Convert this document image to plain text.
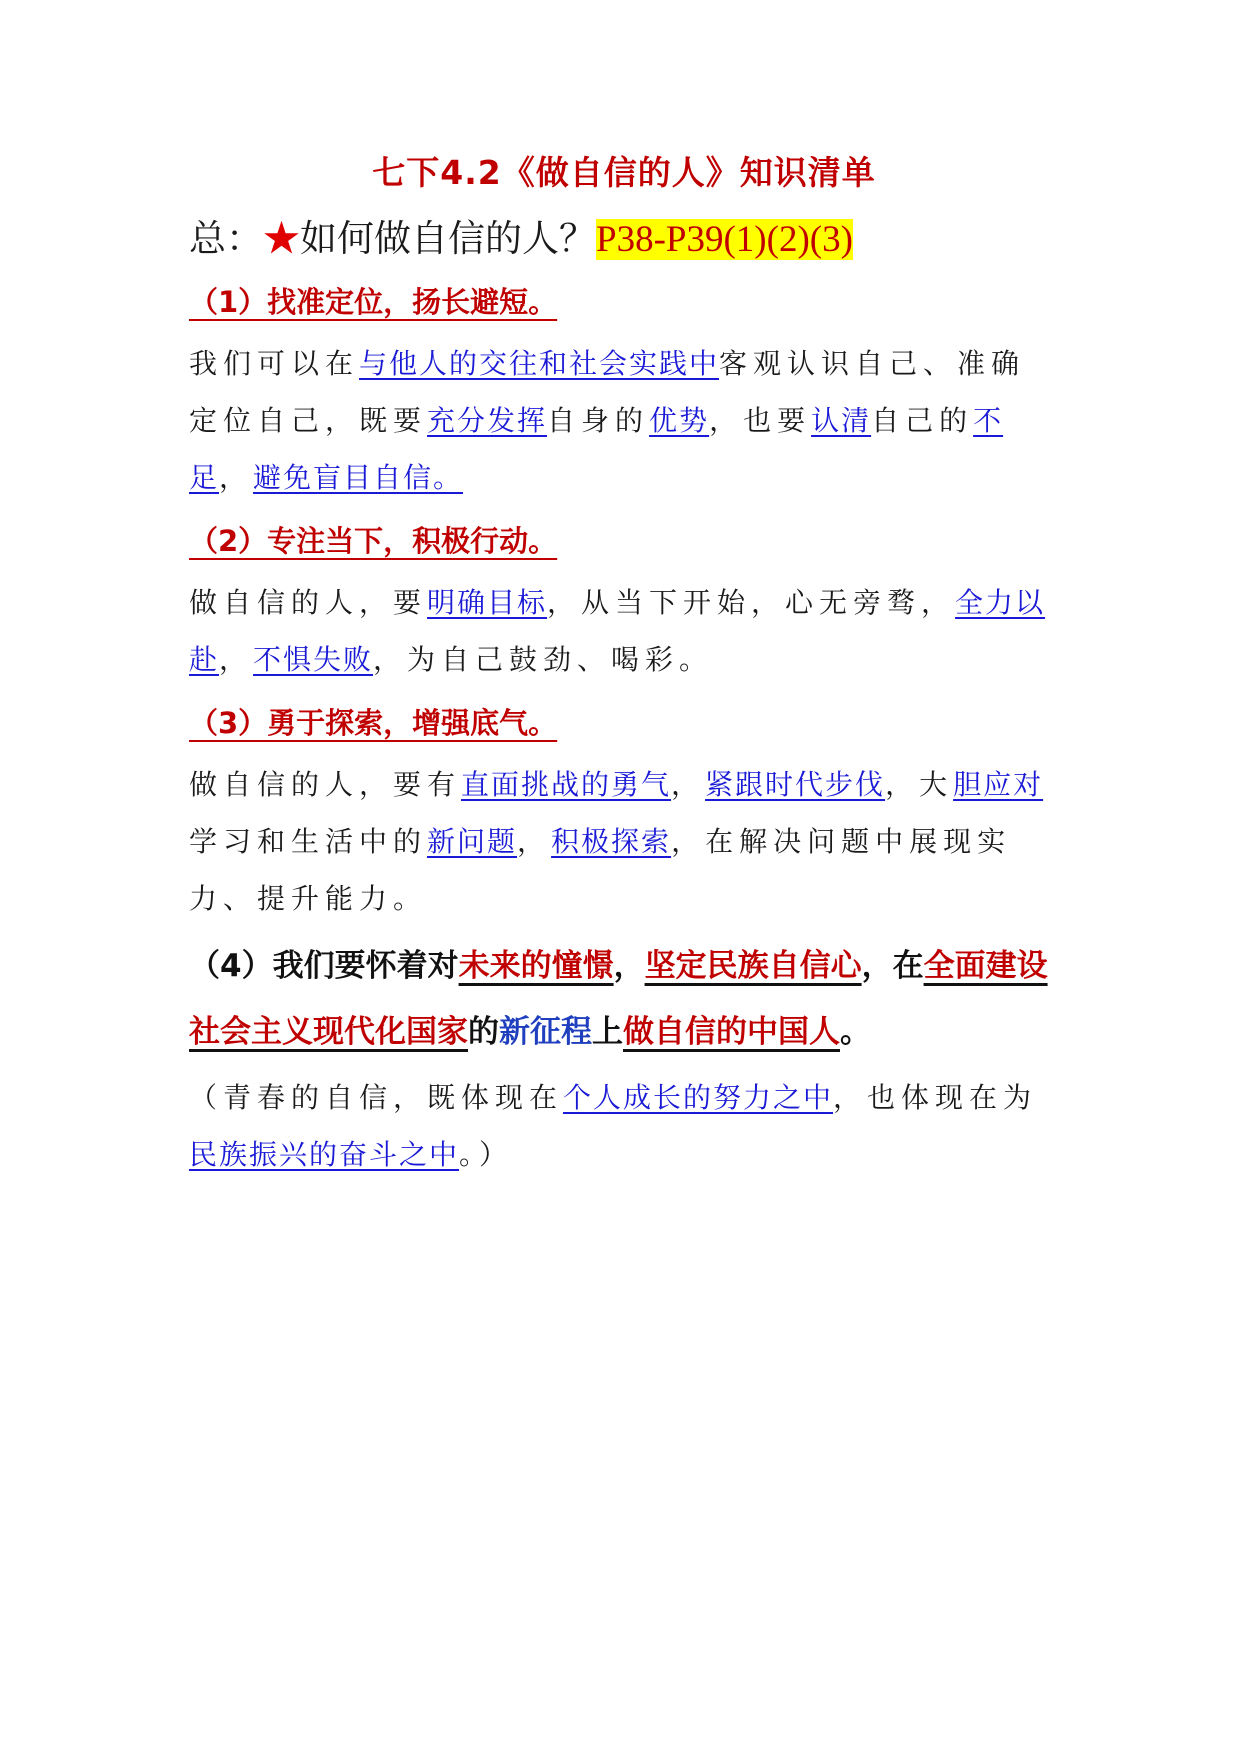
七下4.2《做自信的人》知识清单

总：★如何做自信的人？P38-P39(1)(2)(3)

（1）找准定位，扬长避短。

我们可以在与他人的交往和社会实践中客观认识自己、准确定位自己，既要充分发挥自身的优势，也要认清自己的不足，避免盲目自信。

（2）专注当下，积极行动。

做自信的人，要明确目标，从当下开始，心无旁骛，全力以赴，不惧失败，为自己鼓劲、喝彩。

（3）勇于探索，增强底气。

做自信的人，要有直面挑战的勇气，紧跟时代步伐，大胆应对学习和生活中的新问题，积极探索，在解决问题中展现实力、提升能力。

（4）我们要怀着对未来的憧憬，坚定民族自信心，在全面建设社会主义现代化国家的新征程上做自信的中国人。

（青春的自信，既体现在个人成长的努力之中，也体现在为民族振兴的奋斗之中。）
